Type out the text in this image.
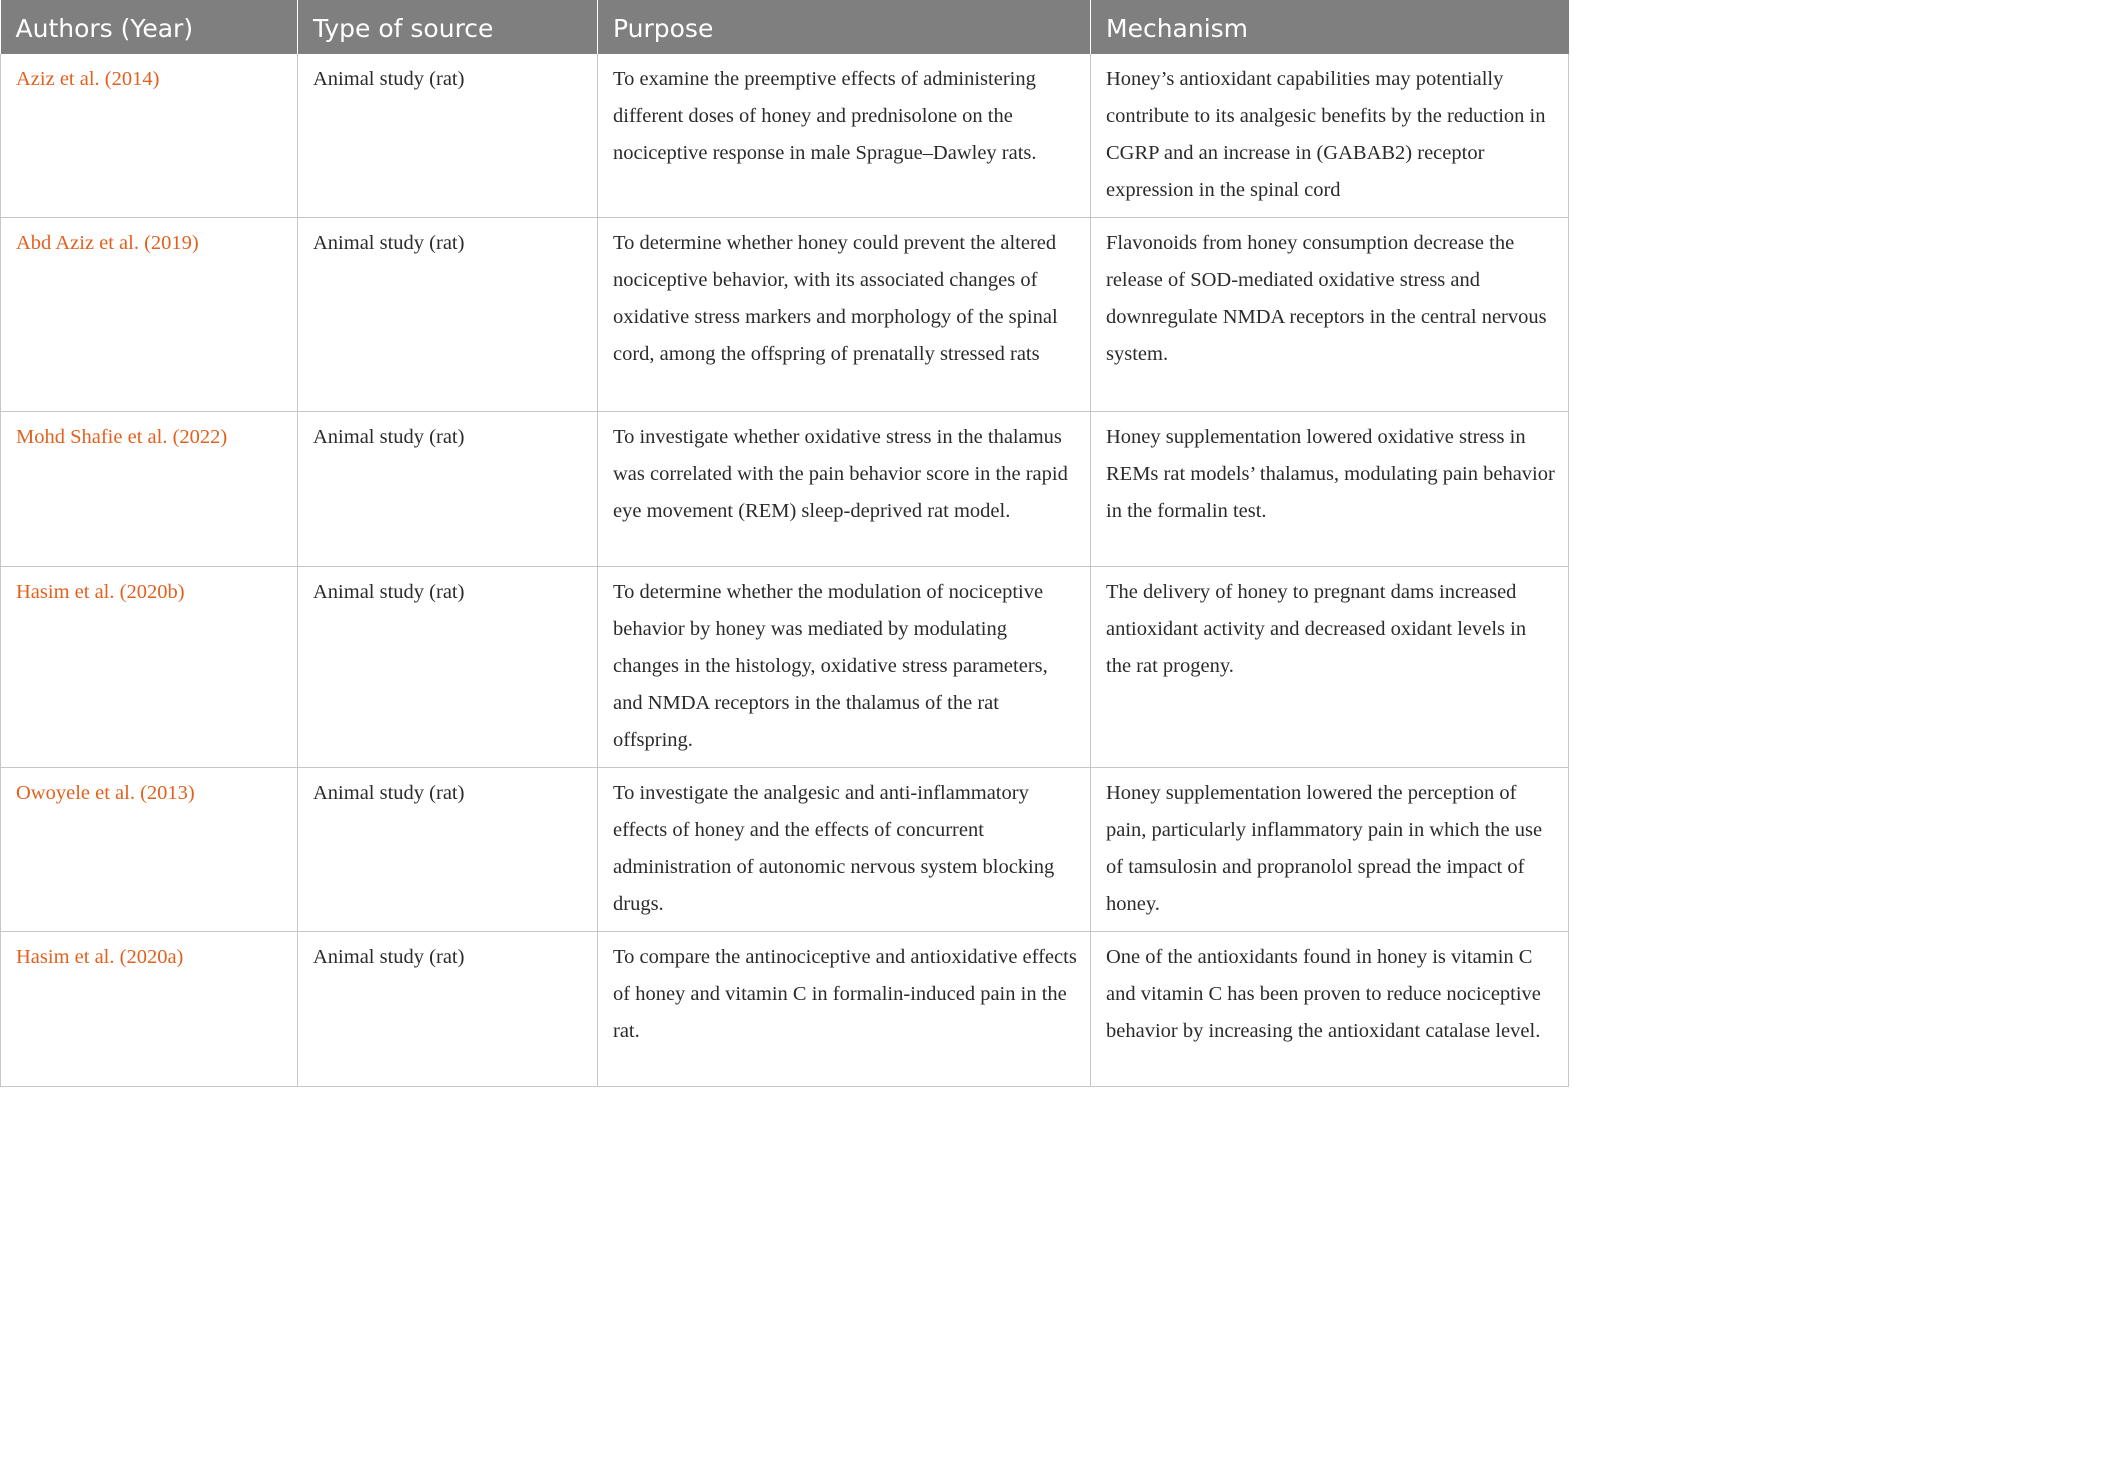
Authors (Year)	Type of source	Purpose	Mechanism
Aziz et al. (2014)	Animal study (rat)	To examine the preemptive effects of administering different doses of honey and prednisolone on the nociceptive response in male Sprague–Dawley rats.	Honey’s antioxidant capabilities may potentially contribute to its analgesic benefits by the reduction in CGRP and an increase in (GABAB2) receptor expression in the spinal cord
Abd Aziz et al. (2019)	Animal study (rat)	To determine whether honey could prevent the altered nociceptive behavior, with its associated changes of oxidative stress markers and morphology of the spinal cord, among the offspring of prenatally stressed rats	Flavonoids from honey consumption decrease the release of SOD-mediated oxidative stress and downregulate NMDA receptors in the central nervous system.
Mohd Shafie et al. (2022)	Animal study (rat)	To investigate whether oxidative stress in the thalamus was correlated with the pain behavior score in the rapid eye movement (REM) sleep-deprived rat model.	Honey supplementation lowered oxidative stress in REMs rat models’ thalamus, modulating pain behavior in the formalin test.
Hasim et al. (2020b)	Animal study (rat)	To determine whether the modulation of nociceptive behavior by honey was mediated by modulating changes in the histology, oxidative stress parameters, and NMDA receptors in the thalamus of the rat offspring.	The delivery of honey to pregnant dams increased antioxidant activity and decreased oxidant levels in the rat progeny.
Owoyele et al. (2013)	Animal study (rat)	To investigate the analgesic and anti-inflammatory effects of honey and the effects of concurrent administration of autonomic nervous system blocking drugs.	Honey supplementation lowered the perception of pain, particularly inflammatory pain in which the use of tamsulosin and propranolol spread the impact of honey.
Hasim et al. (2020a)	Animal study (rat)	To compare the antinociceptive and antioxidative effects of honey and vitamin C in formalin-induced pain in the rat.	One of the antioxidants found in honey is vitamin C and vitamin C has been proven to reduce nociceptive behavior by increasing the antioxidant catalase level.
